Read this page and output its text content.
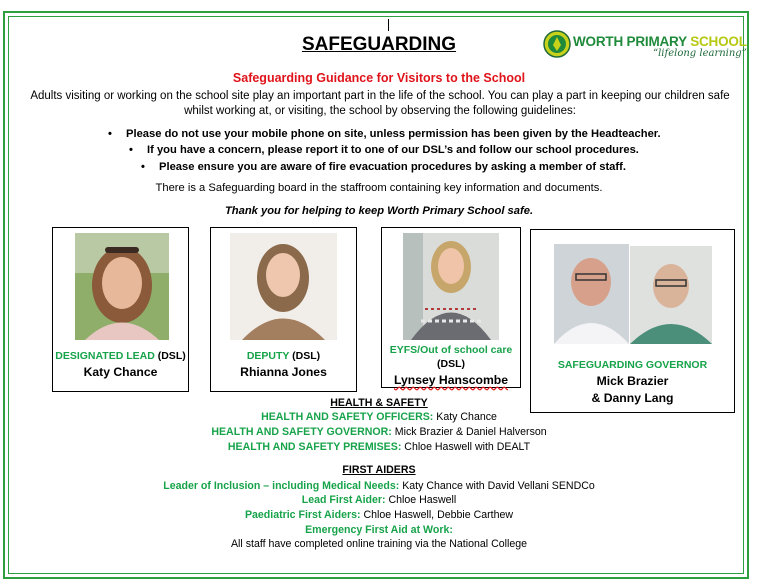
SAFEGUARDING	WORTH PRIMARY SCHOOL
“lifelong learning”
Safeguarding Guidance for Visitors to the School
Adults visiting or working on the school site play an important part in the life of the school. You can play a part in keeping our children safe whilst working at, or visiting, the school by observing the following guidelines:
• Please do not use your mobile phone on site, unless permission has been given by the Headteacher.
• If you have a concern, please report it to one of our DSL’s and follow our school procedures.
• Please ensure you are aware of fire evacuation procedures by asking a member of staff.
There is a Safeguarding board in the staffroom containing key information and documents.
Thank you for helping to keep Worth Primary School safe.
DESIGNATED LEAD (DSL)
Katy Chance
DEPUTY (DSL)
Rhianna Jones
EYFS/Out of school care
(DSL)
Lynsey Hanscombe
SAFEGUARDING GOVERNOR
Mick Brazier
& Danny Lang
HEALTH & SAFETY
HEALTH AND SAFETY OFFICERS: Katy Chance
HEALTH AND SAFETY GOVERNOR: Mick Brazier & Daniel Halverson
HEALTH AND SAFETY PREMISES: Chloe Haswell with DEALT
FIRST AIDERS
Leader of Inclusion – including Medical Needs: Katy Chance with David Vellani SENDCo
Lead First Aider: Chloe Haswell
Paediatric First Aiders: Chloe Haswell, Debbie Carthew
Emergency First Aid at Work:
All staff have completed online training via the National College
